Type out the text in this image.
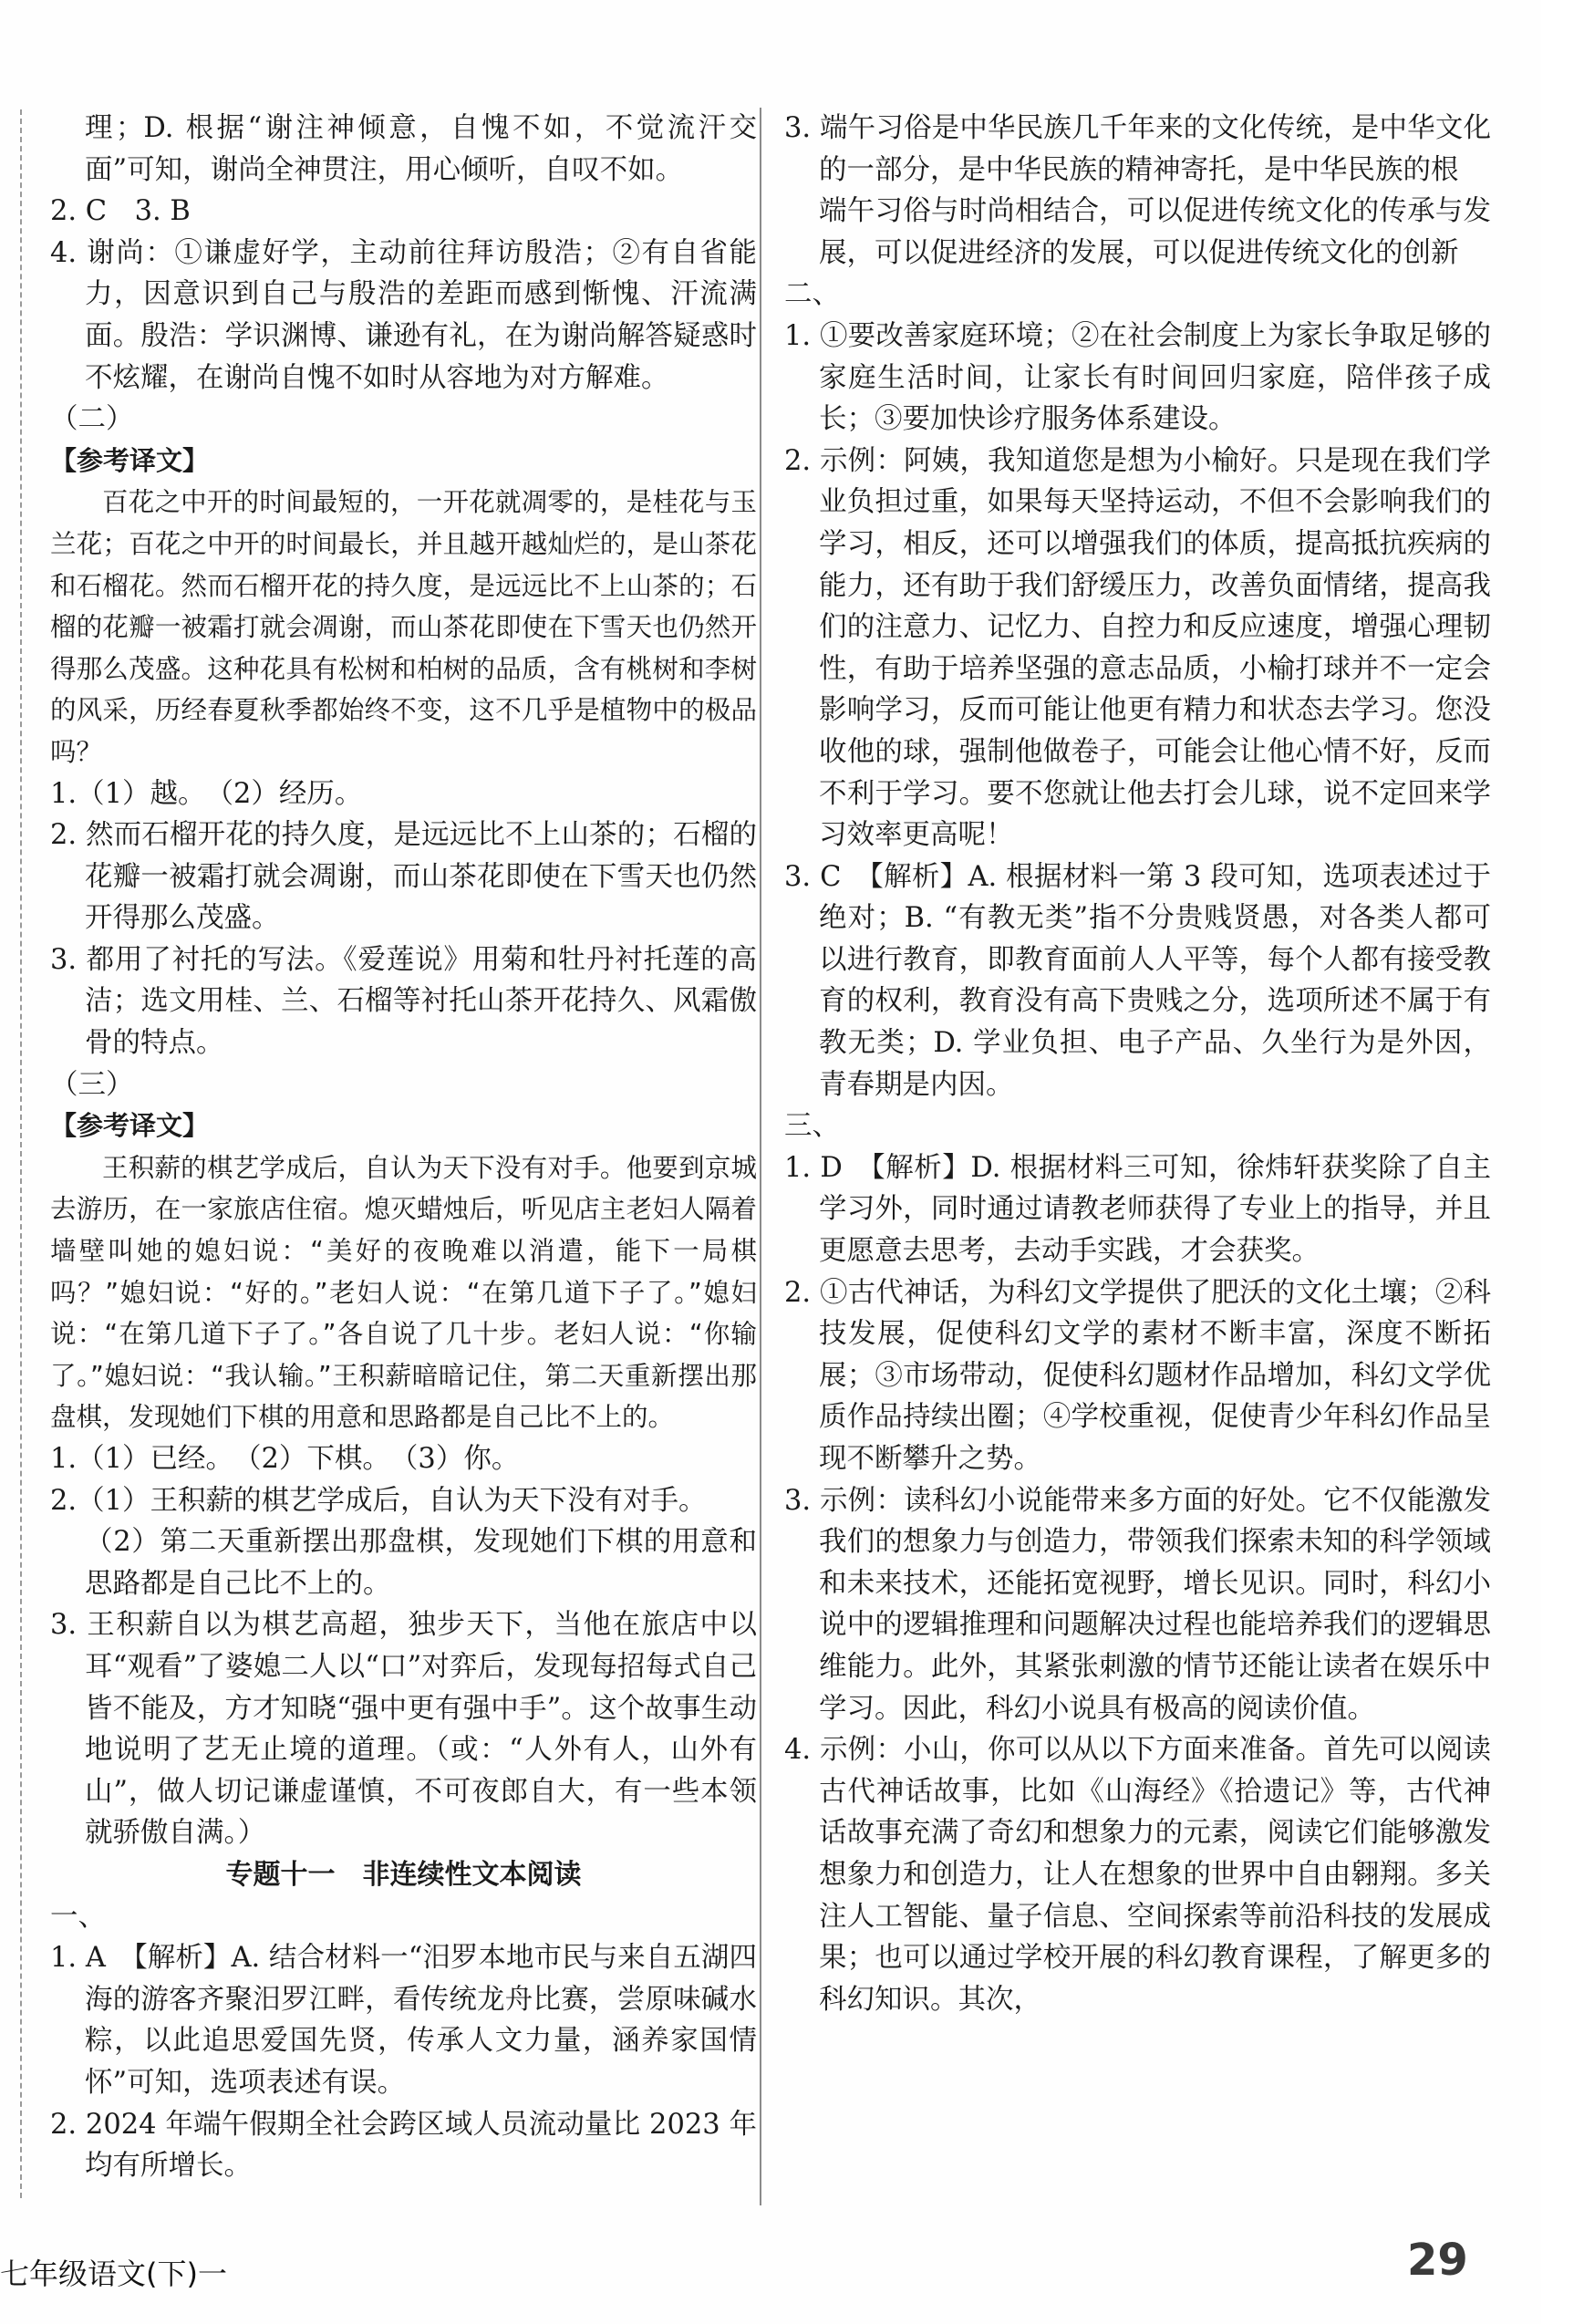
理；D. 根据“谢注神倾意，自愧不如，不觉流汗交面”可知，谢尚全神贯注，用心倾听，自叹不如。

2. C　3. B

4. 谢尚：①谦虚好学，主动前往拜访殷浩；②有自省能力，因意识到自己与殷浩的差距而感到惭愧、汗流满面。殷浩：学识渊博、谦逊有礼，在为谢尚解答疑惑时不炫耀，在谢尚自愧不如时从容地为对方解难。

（二）

【参考译文】

百花之中开的时间最短的，一开花就凋零的，是桂花与玉兰花；百花之中开的时间最长，并且越开越灿烂的，是山茶花和石榴花。然而石榴开花的持久度，是远远比不上山茶的；石榴的花瓣一被霜打就会凋谢，而山茶花即使在下雪天也仍然开得那么茂盛。这种花具有松树和柏树的品质，含有桃树和李树的风采，历经春夏秋季都始终不变，这不几乎是植物中的极品吗？

1.（1）越。　（2）经历。

2. 然而石榴开花的持久度，是远远比不上山茶的；石榴的花瓣一被霜打就会凋谢，而山茶花即使在下雪天也仍然开得那么茂盛。

3. 都用了衬托的写法。《爱莲说》用菊和牡丹衬托莲的高洁；选文用桂、兰、石榴等衬托山茶开花持久、风霜傲骨的特点。

（三）

【参考译文】

王积薪的棋艺学成后，自认为天下没有对手。他要到京城去游历，在一家旅店住宿。熄灭蜡烛后，听见店主老妇人隔着墙壁叫她的媳妇说：“美好的夜晚难以消遣，能下一局棋吗？”媳妇说：“好的。”老妇人说：“在第几道下子了。”媳妇说：“在第几道下子了。”各自说了几十步。老妇人说：“你输了。”媳妇说：“我认输。”王积薪暗暗记住，第二天重新摆出那盘棋，发现她们下棋的用意和思路都是自己比不上的。

1.（1）已经。　（2）下棋。　（3）你。

2.（1）王积薪的棋艺学成后，自认为天下没有对手。

（2）第二天重新摆出那盘棋，发现她们下棋的用意和思路都是自己比不上的。

3. 王积薪自以为棋艺高超，独步天下，当他在旅店中以耳“观看”了婆媳二人以“口”对弈后，发现每招每式自己皆不能及，方才知晓“强中更有强中手”。这个故事生动地说明了艺无止境的道理。（或：“人外有人，山外有山”，做人切记谦虚谨慎，不可夜郎自大，有一些本领就骄傲自满。）

专题十一　非连续性文本阅读

一、

1. A　【解析】A. 结合材料一“汨罗本地市民与来自五湖四海的游客齐聚汨罗江畔，看传统龙舟比赛，尝原味碱水粽，以此追思爱国先贤，传承人文力量，涵养家国情怀”可知，选项表述有误。

2. 2024 年端午假期全社会跨区域人员流动量比 2023 年均有所增长。

3. 端午习俗是中华民族几千年来的文化传统，是中华文化的一部分，是中华民族的精神寄托，是中华民族的根

端午习俗与时尚相结合，可以促进传统文化的传承与发展，可以促进经济的发展，可以促进传统文化的创新

二、

1. ①要改善家庭环境；②在社会制度上为家长争取足够的家庭生活时间，让家长有时间回归家庭，陪伴孩子成长；③要加快诊疗服务体系建设。

2. 示例：阿姨，我知道您是想为小榆好。只是现在我们学业负担过重，如果每天坚持运动，不但不会影响我们的学习，相反，还可以增强我们的体质，提高抵抗疾病的能力，还有助于我们舒缓压力，改善负面情绪，提高我们的注意力、记忆力、自控力和反应速度，增强心理韧性，有助于培养坚强的意志品质，小榆打球并不一定会影响学习，反而可能让他更有精力和状态去学习。您没收他的球，强制他做卷子，可能会让他心情不好，反而不利于学习。要不您就让他去打会儿球，说不定回来学习效率更高呢！

3. C　【解析】A. 根据材料一第 3 段可知，选项表述过于绝对；B. “有教无类”指不分贵贱贤愚，对各类人都可以进行教育，即教育面前人人平等，每个人都有接受教育的权利，教育没有高下贵贱之分，选项所述不属于有教无类；D. 学业负担、电子产品、久坐行为是外因，青春期是内因。

三、

1. D　【解析】D. 根据材料三可知，徐炜轩获奖除了自主学习外，同时通过请教老师获得了专业上的指导，并且更愿意去思考，去动手实践，才会获奖。

2. ①古代神话，为科幻文学提供了肥沃的文化土壤；②科技发展，促使科幻文学的素材不断丰富，深度不断拓展；③市场带动，促使科幻题材作品增加，科幻文学优质作品持续出圈；④学校重视，促使青少年科幻作品呈现不断攀升之势。

3. 示例：读科幻小说能带来多方面的好处。它不仅能激发我们的想象力与创造力，带领我们探索未知的科学领域和未来技术，还能拓宽视野，增长见识。同时，科幻小说中的逻辑推理和问题解决过程也能培养我们的逻辑思维能力。此外，其紧张刺激的情节还能让读者在娱乐中学习。因此，科幻小说具有极高的阅读价值。

4. 示例：小山，你可以从以下方面来准备。首先可以阅读古代神话故事，比如《山海经》《拾遗记》等，古代神话故事充满了奇幻和想象力的元素，阅读它们能够激发想象力和创造力，让人在想象的世界中自由翱翔。多关注人工智能、量子信息、空间探索等前沿科技的发展成果；也可以通过学校开展的科幻教育课程，了解更多的科幻知识。其次，

七年级语文(下)一	29
